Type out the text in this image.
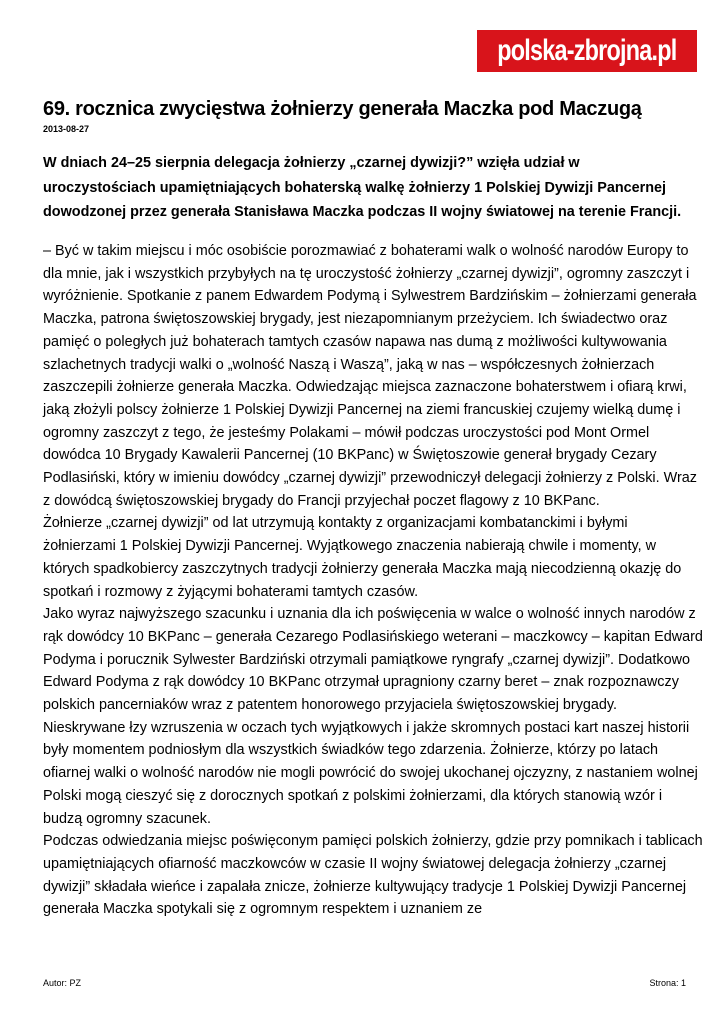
polska-zbrojna.pl
69. rocznica zwycięstwa żołnierzy generała Maczka pod Maczugą
2013-08-27

W dniach 24–25 sierpnia delegacja żołnierzy „czarnej dywizji?” wzięła udział w uroczystościach upamiętniających bohaterską walkę żołnierzy 1 Polskiej Dywizji Pancernej dowodzonej przez generała Stanisława Maczka podczas II wojny światowej na terenie Francji.

– Być w takim miejscu i móc osobiście porozmawiać z bohaterami walk o wolność narodów Europy to dla mnie, jak i wszystkich przybyłych na tę uroczystość żołnierzy „czarnej dywizji”, ogromny zaszczyt i wyróżnienie. Spotkanie z panem Edwardem Podymą i Sylwestrem Bardzińskim – żołnierzami generała Maczka, patrona świętoszowskiej brygady, jest niezapomnianym przeżyciem. Ich świadectwo oraz pamięć o poległych już bohaterach tamtych czasów napawa nas dumą z możliwości kultywowania szlachetnych tradycji walki o „wolność Naszą i Waszą”, jaką w nas – współczesnych żołnierzach zaszczepili żołnierze generała Maczka. Odwiedzając miejsca zaznaczone bohaterstwem i ofiarą krwi, jaką złożyli polscy żołnierze 1 Polskiej Dywizji Pancernej na ziemi francuskiej czujemy wielką dumę i ogromny zaszczyt z tego, że jesteśmy Polakami – mówił podczas uroczystości pod Mont Ormel dowódca 10 Brygady Kawalerii Pancernej (10 BKPanc) w Świętoszowie generał brygady Cezary Podlasiński, który w imieniu dowódcy „czarnej dywizji” przewodniczył delegacji żołnierzy z Polski. Wraz z dowódcą świętoszowskiej brygady do Francji przyjechał poczet flagowy z 10 BKPanc.

Żołnierze „czarnej dywizji” od lat utrzymują kontakty z organizacjami kombatanckimi i byłymi żołnierzami 1 Polskiej Dywizji Pancernej. Wyjątkowego znaczenia nabierają chwile i momenty, w których spadkobiercy zaszczytnych tradycji żołnierzy generała Maczka mają niecodzienną okazję do spotkań i rozmowy z żyjącymi bohaterami tamtych czasów.

Jako wyraz najwyższego szacunku i uznania dla ich poświęcenia w walce o wolność innych narodów z rąk dowódcy 10 BKPanc – generała Cezarego Podlasińskiego weterani – maczkowcy – kapitan Edward Podyma i porucznik Sylwester Bardziński otrzymali pamiątkowe ryngrafy „czarnej dywizji”. Dodatkowo Edward Podyma z rąk dowódcy 10 BKPanc otrzymał upragniony czarny beret – znak rozpoznawczy polskich pancerniaków wraz z patentem honorowego przyjaciela świętoszowskiej brygady.

Nieskrywane łzy wzruszenia w oczach tych wyjątkowych i jakże skromnych postaci kart naszej historii były momentem podniosłym dla wszystkich świadków tego zdarzenia. Żołnierze, którzy po latach ofiarnej walki o wolność narodów nie mogli powrócić do swojej ukochanej ojczyzny, z nastaniem wolnej Polski mogą cieszyć się z dorocznych spotkań z polskimi żołnierzami, dla których stanowią wzór i budzą ogromny szacunek.

Podczas odwiedzania miejsc poświęconym pamięci polskich żołnierzy, gdzie przy pomnikach i tablicach upamiętniających ofiarność maczkowców w czasie II wojny światowej delegacja żołnierzy „czarnej dywizji” składała wieńce i zapalała znicze, żołnierze kultywujący tradycje 1 Polskiej Dywizji Pancernej generała Maczka spotykali się z ogromnym respektem i uznaniem ze

Autor: PZ	Strona: 1
